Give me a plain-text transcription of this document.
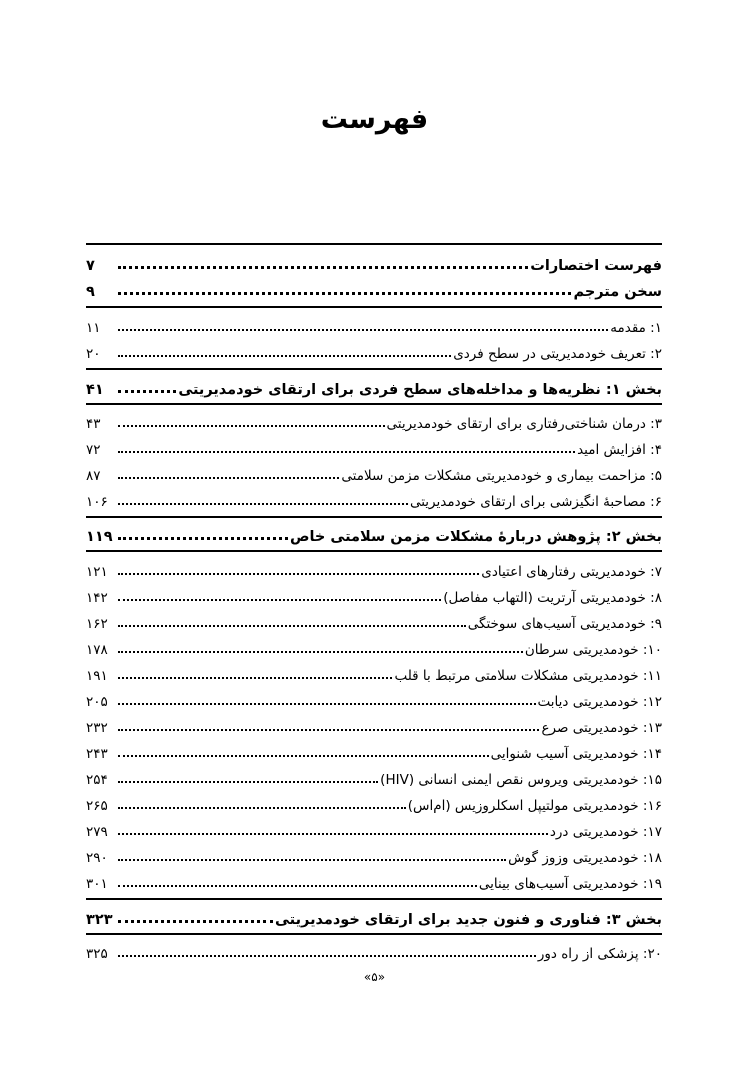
فهرست
فهرست اختصارات
۷
سخن مترجم
۹
۱: مقدمه
۱۱
۲: تعریف خودمدیریتی در سطح فردی
۲۰
بخش ۱: نظریه‌ها و مداخله‌های سطح فردی برای ارتقای خودمدیریتی
۴۱
۳: درمان شناختی‌رفتاری برای ارتقای خودمدیریتی
۴۳
۴: افزایش امید
۷۲
۵: مزاحمت بیماری و خودمدیریتی مشکلات مزمن سلامتی
۸۷
۶: مصاحبهٔ انگیزشی برای ارتقای خودمدیریتی
۱۰۶
بخش ۲: پژوهش دربارهٔ مشکلات مزمن سلامتی خاص
۱۱۹
۷: خودمدیریتی رفتارهای اعتیادی
۱۲۱
۸: خودمدیریتی آرتریت (التهاب مفاصل)
۱۴۲
۹: خودمدیریتی آسیب‌های سوختگی
۱۶۲
۱۰: خودمدیریتی سرطان
۱۷۸
۱۱: خودمدیریتی مشکلات سلامتی مرتبط با قلب
۱۹۱
۱۲: خودمدیریتی دیابت
۲۰۵
۱۳: خودمدیریتی صرع
۲۳۲
۱۴: خودمدیریتی آسیب شنوایی
۲۴۳
۱۵: خودمدیریتی ویروس نقص ایمنی انسانی (HIV)
۲۵۴
۱۶: خودمدیریتی مولتیپل اسکلروزیس (ام‌اس)
۲۶۵
۱۷: خودمدیریتی درد
۲۷۹
۱۸: خودمدیریتی وزوز گوش
۲۹۰
۱۹: خودمدیریتی آسیب‌های بینایی
۳۰۱
بخش ۳: فناوری و فنون جدید برای ارتقای خودمدیریتی
۳۲۳
۲۰: پزشکی از راه دور
۳۲۵
«۵»
